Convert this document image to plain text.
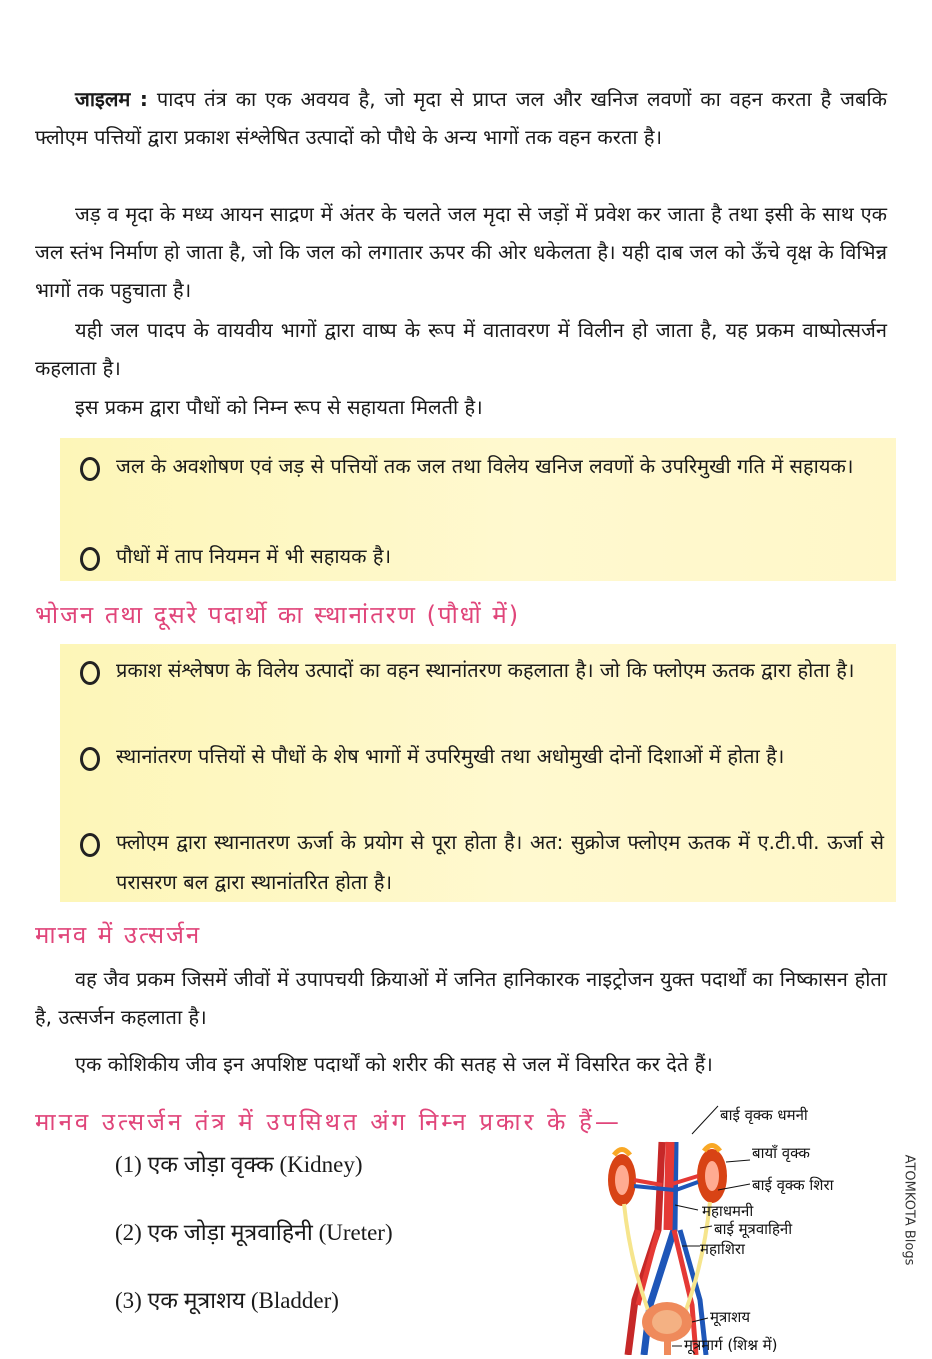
जाइलम : पादप तंत्र का एक अवयव है, जो मृदा से प्राप्त जल और खनिज लवणों का वहन करता है जबकि फ्लोएम पत्तियों द्वारा प्रकाश संश्लेषित उत्पादों को पौधे के अन्य भागों तक वहन करता है।

जड़ व मृदा के मध्य आयन साद्रण में अंतर के चलते जल मृदा से जड़ों में प्रवेश कर जाता है तथा इसी के साथ एक जल स्तंभ निर्माण हो जाता है, जो कि जल को लगातार ऊपर की ओर धकेलता है। यही दाब जल को ऊँचे वृक्ष के विभिन्न भागों तक पहुचाता है।
यही जल पादप के वायवीय भागों द्वारा वाष्प के रूप में वातावरण में विलीन हो जाता है, यह प्रकम वाष्पोत्सर्जन कहलाता है।
इस प्रकम द्वारा पौधों को निम्न रूप से सहायता मिलती है।
जल के अवशोषण एवं जड़ से पत्तियों तक जल तथा विलेय खनिज लवणों के उपरिमुखी गति में सहायक।
पौधों में ताप नियमन में भी सहायक है।
भोजन तथा दूसरे पदार्थो का स्थानांतरण (पौधों में)
प्रकाश संश्लेषण के विलेय उत्पादों का वहन स्थानांतरण कहलाता है। जो कि फ्लोएम ऊतक द्वारा होता है।
स्थानांतरण पत्तियों से पौधों के शेष भागों में उपरिमुखी तथा अधोमुखी दोनों दिशाओं में होता है।
फ्लोएम द्वारा स्थानातरण ऊर्जा के प्रयोग से पूरा होता है। अत: सुक्रोज फ्लोएम ऊतक में ए.टी.पी. ऊर्जा से परासरण बल द्वारा स्थानांतरित होता है।
मानव में उत्सर्जन
वह जैव प्रकम जिसमें जीवों में उपापचयी क्रियाओं में जनित हानिकारक नाइट्रोजन युक्त पदार्थों का निष्कासन होता है, उत्सर्जन कहलाता है।
एक कोशिकीय जीव इन अपशिष्ट पदार्थों को शरीर की सतह से जल में विसरित कर देते हैं।
मानव उत्सर्जन तंत्र में उपसिथत अंग निम्न प्रकार के हैं—
(1) एक जोड़ा वृक्क (Kidney)
(2) एक जोड़ा मूत्रवाहिनी (Ureter)
(3) एक मूत्राशय (Bladder)
बाई वृक्क धमनी
बायाँ वृक्क
बाई वृक्क शिरा
महाधमनी
बाई मूत्रवाहिनी
महाशिरा
मूत्राशय
मूत्रमार्ग (शिश्न में)
ATOMKOTA Blogs
